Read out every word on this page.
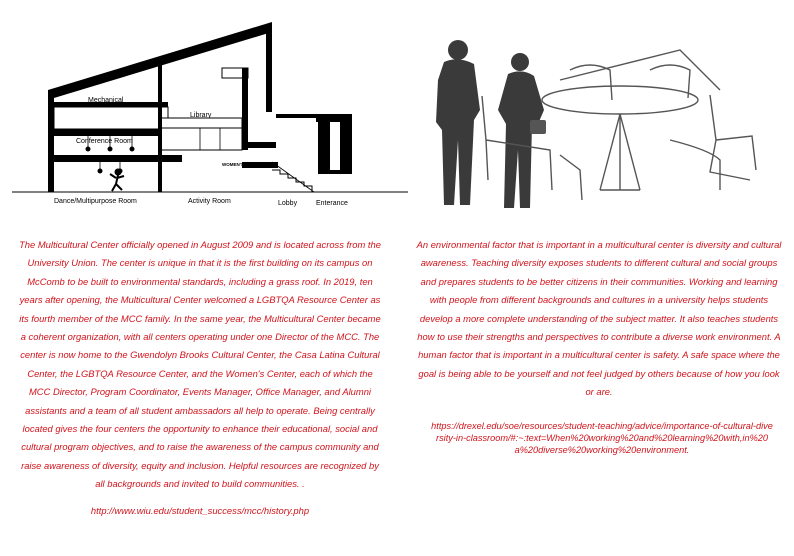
Mechanical
Library
Conference Room
WOMEN'S CENTER
Dance/Multipurpose Room	Activity Room	Lobby	Enterance
The Multicultural Center officially opened in August 2009 and is located across from the University Union. The center is unique in that it is the first building on its campus on McComb to be built to environmental standards, including a grass roof. In 2019, ten years after opening, the Multicultural Center welcomed a LGBTQA Resource Center as its fourth member of the MCC family. In the same year, the Multicultural Center became a coherent organization, with all centers operating under one Director of the MCC. The center is now home to the Gwendolyn Brooks Cultural Center, the Casa Latina Cultural Center, the LGBTQA Resource Center, and the Women's Center, each of which the MCC Director, Program Coordinator, Events Manager, Office Manager, and Alumni assistants and a team of all student ambassadors all help to operate. Being centrally located gives the four centers the opportunity to enhance their educational, social and cultural program objectives, and to raise the awareness of the campus community and raise awareness of diversity, equity and inclusion. Helpful resources are recognized by all backgrounds and invited to build communities. .
http://www.wiu.edu/student_success/mcc/history.php
An environmental factor that is important in a multicultural center is diversity and cultural awareness. Teaching diversity exposes students to different cultural and social groups and prepares students to be better citizens in their communities. Working and learning with people from different backgrounds and cultures in a university helps students develop a more complete understanding of the subject matter. It also teaches students how to use their strengths and perspectives to contribute a diverse work environment. A human factor that is important in a multicultural center is safety. A safe space where the goal is being able to be yourself and not feel judged by others because of how you look or are.
https://drexel.edu/soe/resources/student-teaching/advice/importance-of-cultural-diversity-in-classroom/#:~:text=When%20working%20and%20learning%20with,in%20a%20diverse%20working%20environment.
